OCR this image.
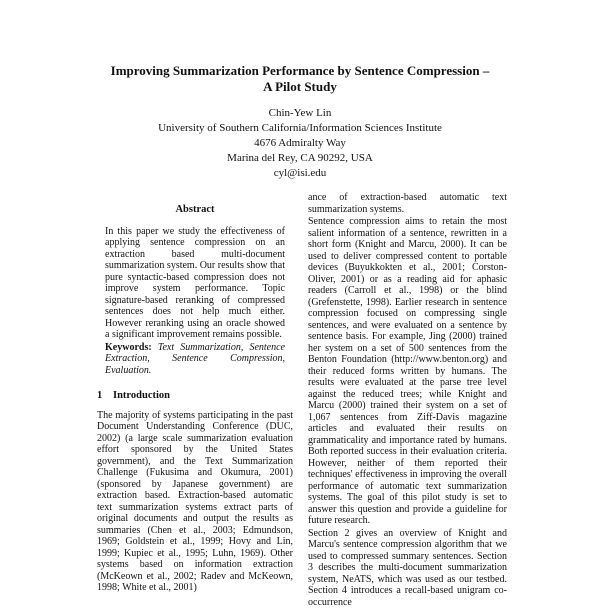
Improving Summarization Performance by Sentence Compression –
A Pilot Study
Chin-Yew Lin
University of Southern California/Information Sciences Institute
4676 Admiralty Way
Marina del Rey, CA 90292, USA
cyl@isi.edu
Abstract

In this paper we study the effectiveness of applying sentence compression on an extraction based multi-document summarization system. Our results show that pure syntactic-based compression does not improve system performance. Topic signature-based reranking of compressed sentences does not help much either. However reranking using an oracle showed a significant improvement remains possible.

Keywords: Text Summarization, Sentence Extraction, Sentence Compression, Evaluation.
1 Introduction

The majority of systems participating in the past Document Understanding Conference (DUC, 2002) (a large scale summarization evaluation effort sponsored by the United States government), and the Text Summarization Challenge (Fukusima and Okumura, 2001) (sponsored by Japanese government) are extraction based. Extraction-based automatic text summarization systems extract parts of original documents and output the results as summaries (Chen et al., 2003; Edmundson, 1969; Goldstein et al., 1999; Hovy and Lin, 1999; Kupiec et al., 1995; Luhn, 1969). Other systems based on information extraction (McKeown et al., 2002; Radev and McKeown, 1998; White et al., 2001)

ance of extraction-based automatic text summarization systems.

Sentence compression aims to retain the most salient information of a sentence, rewritten in a short form (Knight and Marcu, 2000). It can be used to deliver compressed content to portable devices (Buyukkokten et al., 2001; Corston-Oliver, 2001) or as a reading aid for aphasic readers (Carroll et al., 1998) or the blind (Grefenstette, 1998). Earlier research in sentence compression focused on compressing single sentences, and were evaluated on a sentence by sentence basis. For example, Jing (2000) trained her system on a set of 500 sentences from the Benton Foundation (http://www.benton.org) and their reduced forms written by humans. The results were evaluated at the parse tree level against the reduced trees; while Knight and Marcu (2000) trained their system on a set of 1,067 sentences from Ziff-Davis magazine articles and evaluated their results on grammaticality and importance rated by humans. Both reported success in their evaluation criteria. However, neither of them reported their techniques' effectiveness in improving the overall performance of automatic text summarization systems. The goal of this pilot study is set to answer this question and provide a guideline for future research.

Section 2 gives an overview of Knight and Marcu's sentence compression algorithm that we used to compressed summary sentences. Section 3 describes the multi-document summarization system, NeATS, which was used as our testbed. Section 4 introduces a recall-based unigram co-occurrence
